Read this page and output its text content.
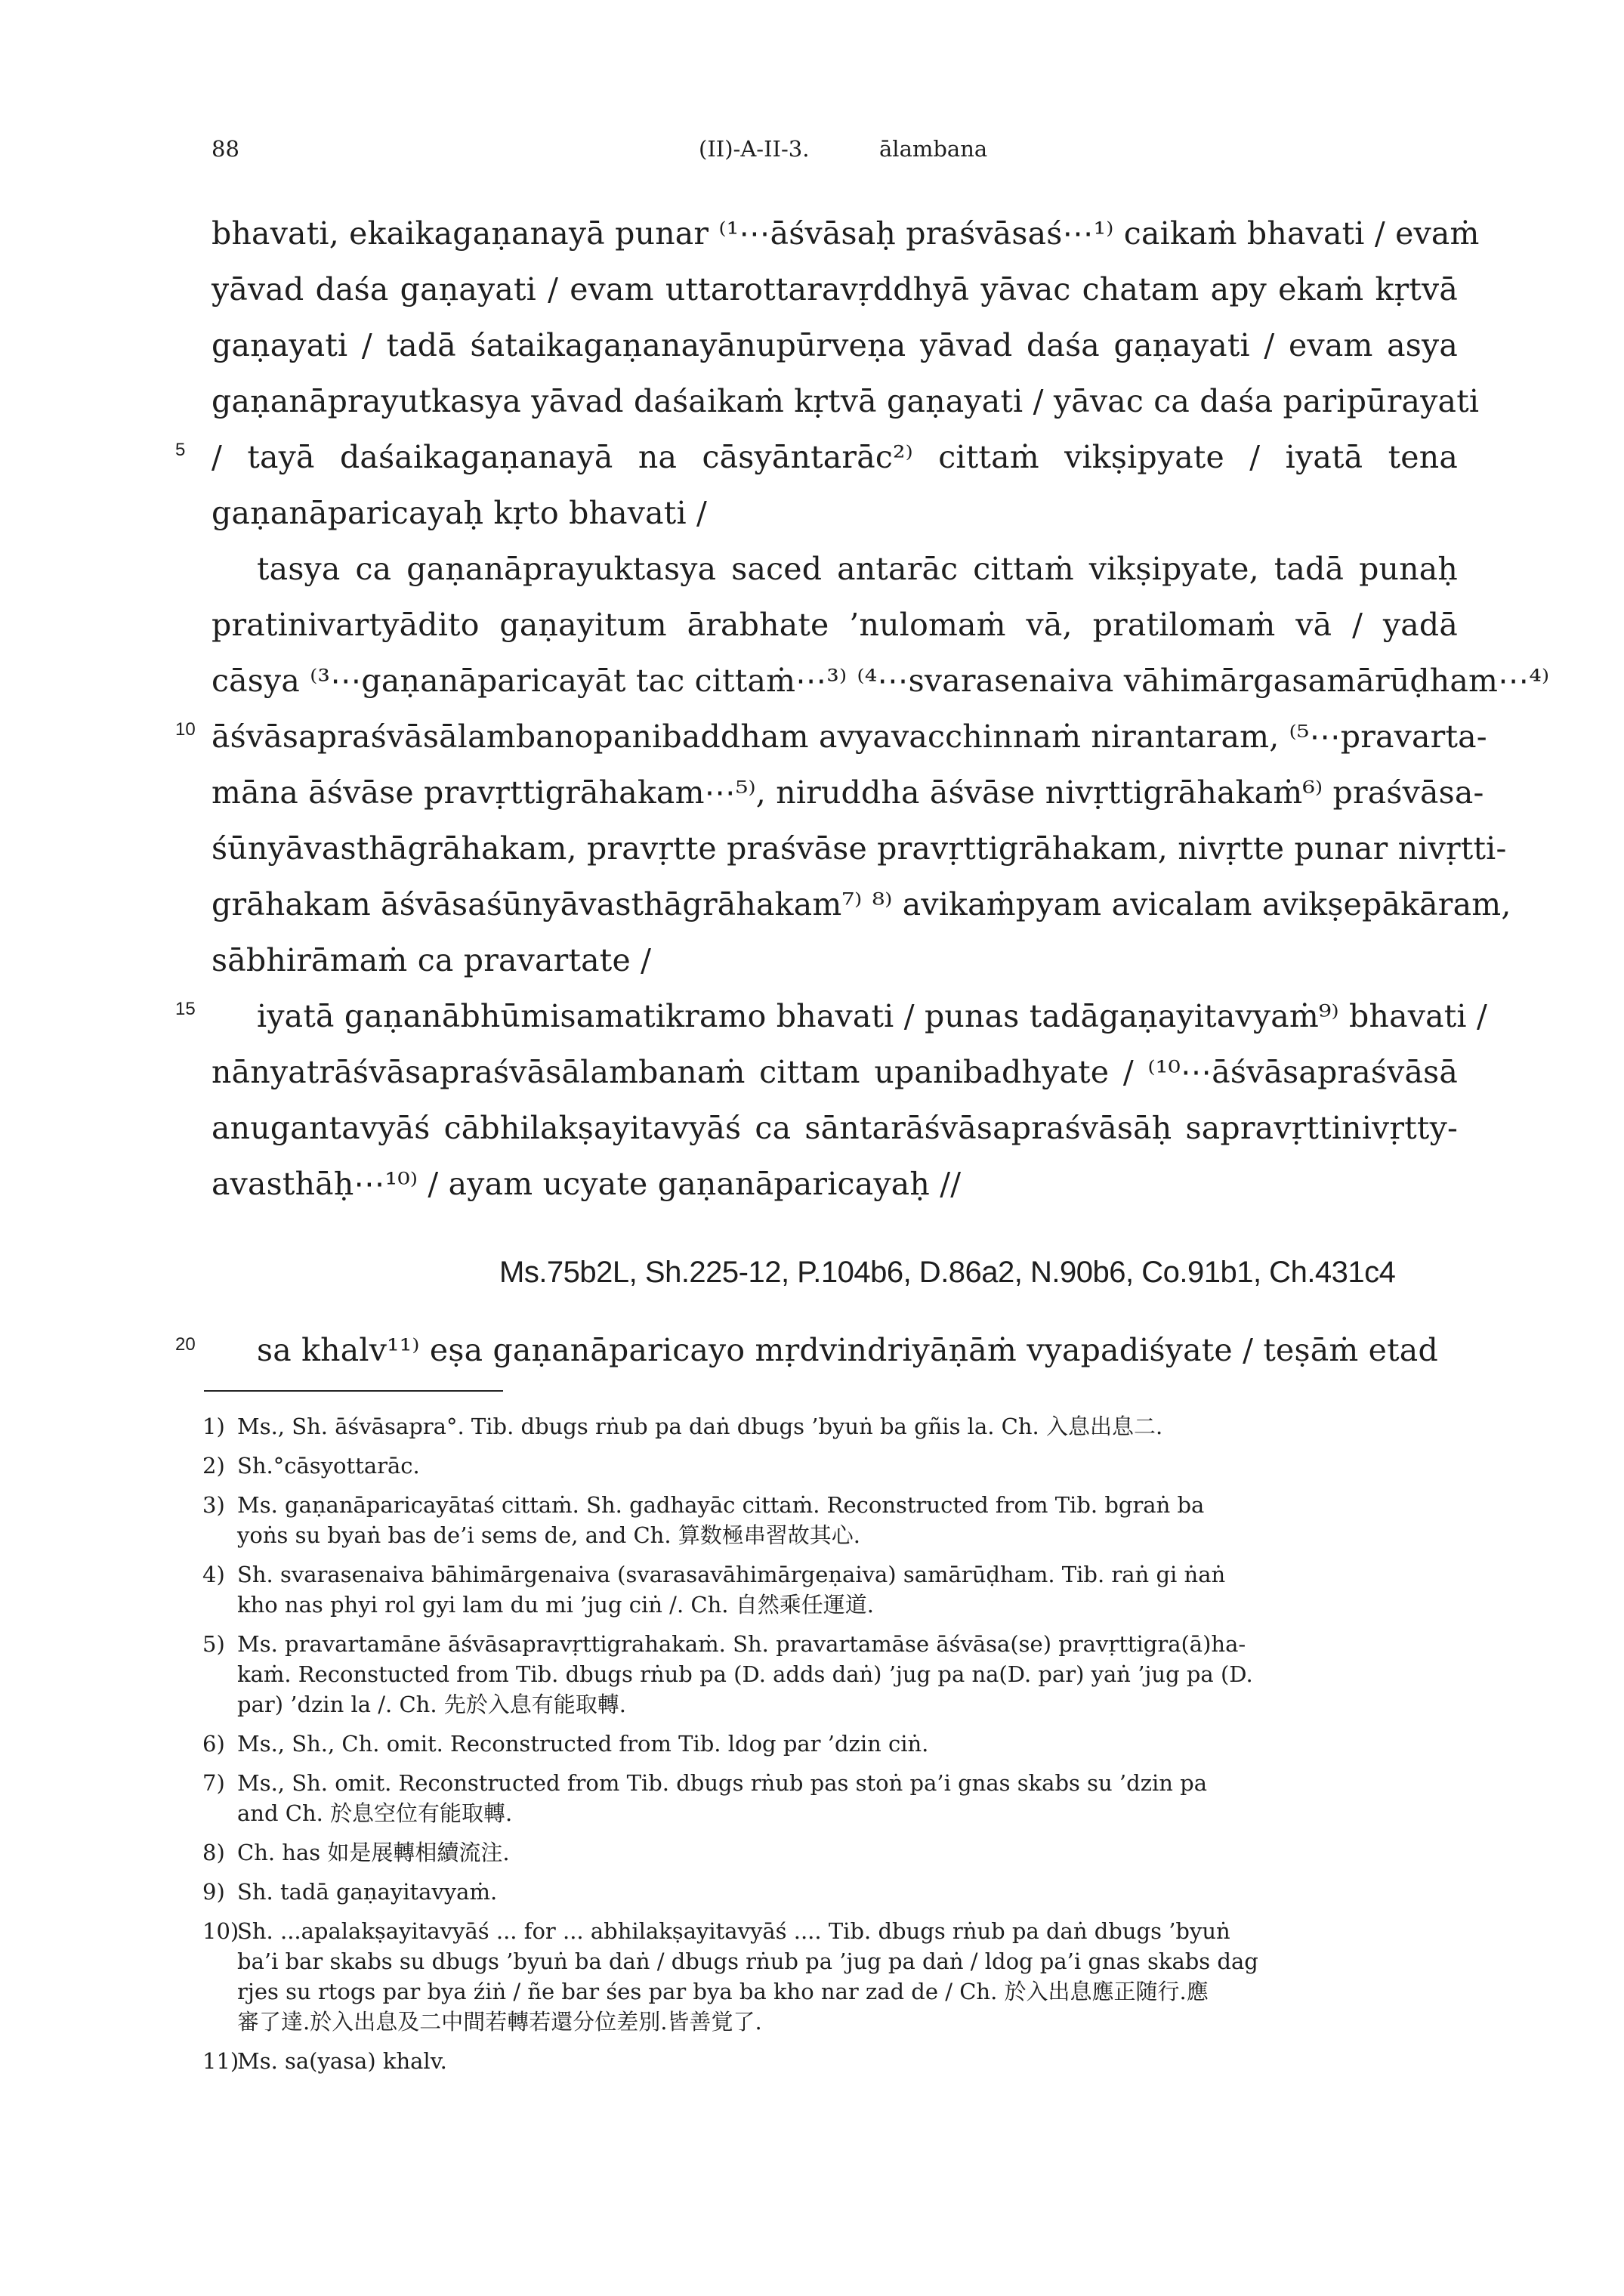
88	(II)-A-II-3.	ālambana
bhavati, ekaikagaṇanayā punar ⁽¹⋯āśvāsaḥ praśvāsaś⋯¹⁾ caikaṁ bhavati / evaṁ
yāvad daśa gaṇayati / evam uttarottaravṛddhyā yāvac chatam apy ekaṁ kṛtvā
gaṇayati / tadā śataikagaṇanayānupūrveṇa yāvad daśa gaṇayati / evam asya
gaṇanāprayutkasya yāvad daśaikaṁ kṛtvā gaṇayati / yāvac ca daśa paripūrayati
/ tayā daśaikagaṇanayā na cāsyāntarāc²⁾ cittaṁ vikṣipyate / iyatā tena
gaṇanāparicayaḥ kṛto bhavati /
tasya ca gaṇanāprayuktasya saced antarāc cittaṁ vikṣipyate, tadā punaḥ
pratinivartyādito gaṇayitum ārabhate ’nulomaṁ vā, pratilomaṁ vā / yadā
cāsya ⁽³⋯gaṇanāparicayāt tac cittaṁ⋯³⁾ ⁽⁴⋯svarasenaiva vāhimārgasamārūḍham⋯⁴⁾
āśvāsapraśvāsālambanopanibaddham avyavacchinnaṁ nirantaram, ⁽⁵⋯pravarta-
māna āśvāse pravṛttigrāhakam⋯⁵⁾, niruddha āśvāse nivṛttigrāhakaṁ⁶⁾ praśvāsa-
śūnyāvasthāgrāhakam, pravṛtte praśvāse pravṛttigrāhakam, nivṛtte punar nivṛtti-
grāhakam āśvāsaśūnyāvasthāgrāhakam⁷⁾ ⁸⁾ avikaṁpyam avicalam avikṣepākāram,
sābhirāmaṁ ca pravartate /
iyatā gaṇanābhūmisamatikramo bhavati / punas tadāgaṇayitavyaṁ⁹⁾ bhavati /
nānyatrāśvāsapraśvāsālambanaṁ cittam upanibadhyate / ⁽¹⁰⋯āśvāsapraśvāsā
anugantavyāś cābhilakṣayitavyāś ca sāntarāśvāsapraśvāsāḥ sapravṛttinivṛtty-
avasthāḥ⋯¹⁰⁾ / ayam ucyate gaṇanāparicayaḥ //
sa khalv¹¹⁾ eṣa gaṇanāparicayo mṛdvindriyāṇāṁ vyapadiśyate / teṣāṁ etad
5
10
15
20
Ms.75b2L, Sh.225-12, P.104b6, D.86a2, N.90b6, Co.91b1, Ch.431c4
1) Ms., Sh. āśvāsapra°. Tib. dbugs rṅub pa daṅ dbugs ’byuṅ ba gñis la. Ch. 入息出息二.
2) Sh.°cāsyottarāc.
3) Ms. gaṇanāparicayātaś cittaṁ. Sh. gadhayāc cittaṁ. Reconstructed from Tib. bgraṅ ba
yoṅs su byaṅ bas de’i sems de, and Ch. 算数極串習故其心.
4) Sh. svarasenaiva bāhimārgenaiva (svarasavāhimārgeṇaiva) samārūḍham. Tib. raṅ gi ṅaṅ
kho nas phyi rol gyi lam du mi ’jug ciṅ /. Ch. 自然乘任運道.
5) Ms. pravartamāne āśvāsapravṛttigrahakaṁ. Sh. pravartamāse āśvāsa(se) pravṛttigra(ā)ha-
kaṁ. Reconstucted from Tib. dbugs rṅub pa (D. adds daṅ) ’jug pa na(D. par) yaṅ ’jug pa (D.
par) ’dzin la /. Ch. 先於入息有能取轉.
6) Ms., Sh., Ch. omit. Reconstructed from Tib. ldog par ’dzin ciṅ.
7) Ms., Sh. omit. Reconstructed from Tib. dbugs rṅub pas stoṅ pa’i gnas skabs su ’dzin pa
and Ch. 於息空位有能取轉.
8) Ch. has 如是展轉相續流注.
9) Sh. tadā gaṇayitavyaṁ.
10)Sh. ...apalakṣayitavyāś ... for ... abhilakṣayitavyāś .... Tib. dbugs rṅub pa daṅ dbugs ’byuṅ
ba’i bar skabs su dbugs ’byuṅ ba daṅ / dbugs rṅub pa ’jug pa daṅ / ldog pa’i gnas skabs dag
rjes su rtogs par bya źiṅ / ñe bar śes par bya ba kho nar zad de / Ch. 於入出息應正随行.應
審了達.於入出息及二中間若轉若還分位差別.皆善覚了.
11)Ms. sa(yasa) khalv.
